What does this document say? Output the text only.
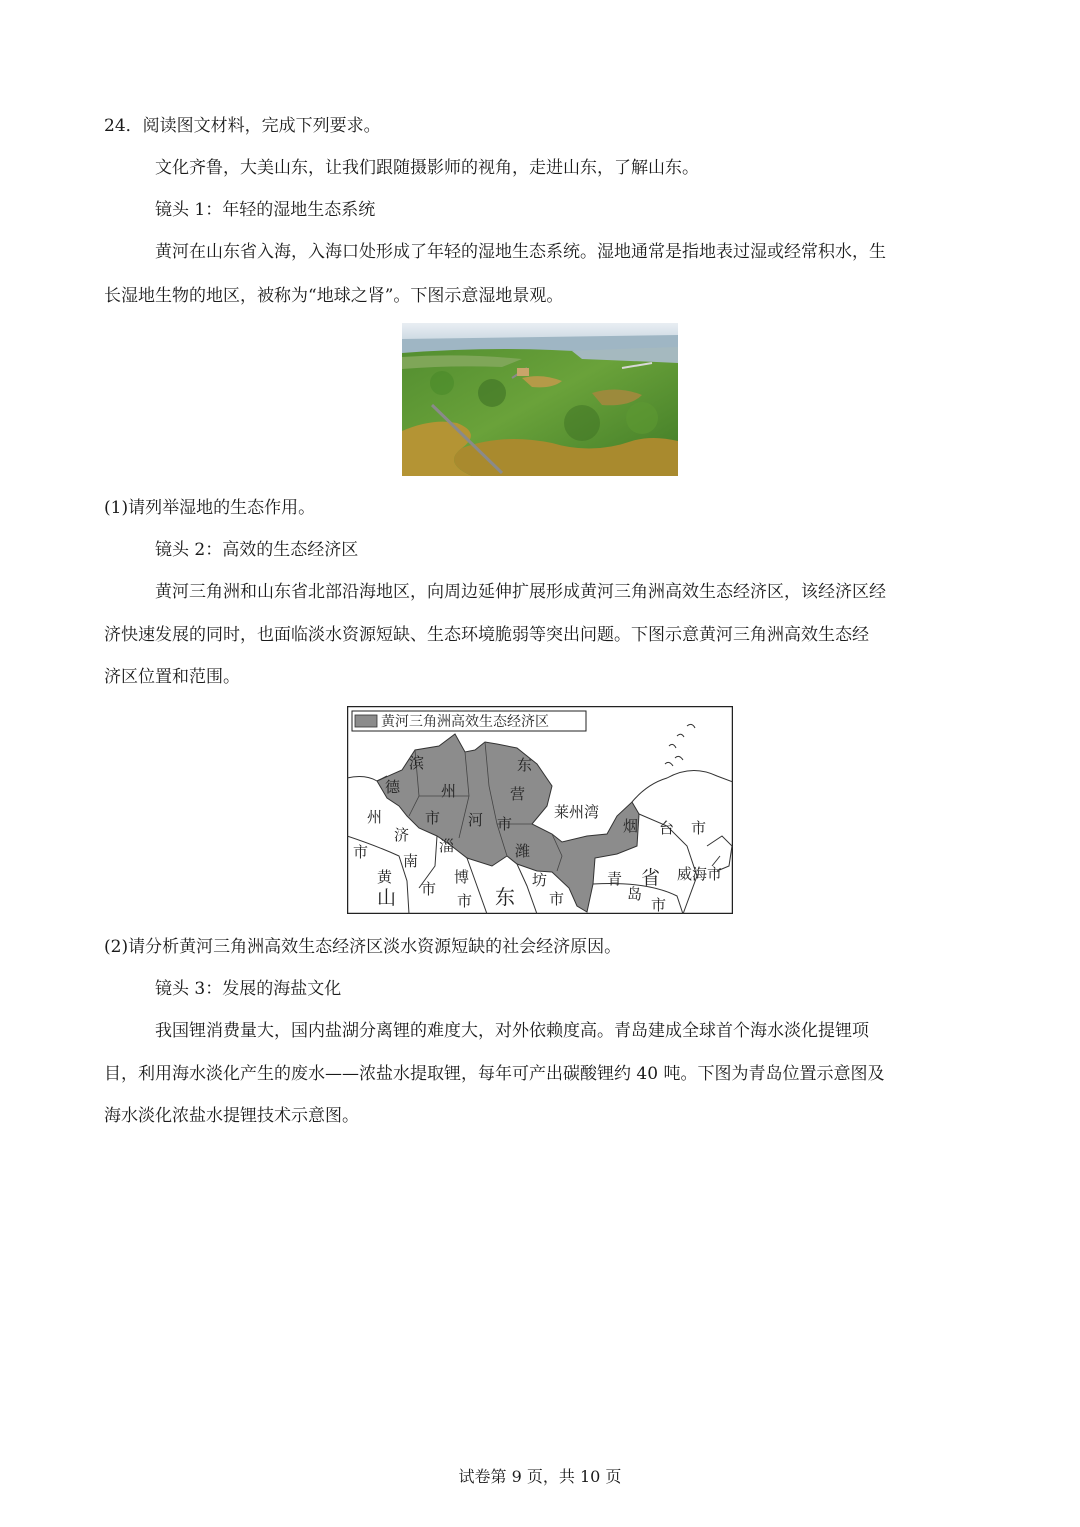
24．阅读图文材料，完成下列要求。
文化齐鲁，大美山东，让我们跟随摄影师的视角，走进山东，了解山东。
镜头 1：年轻的湿地生态系统
黄河在山东省入海，入海口处形成了年轻的湿地生态系统。湿地通常是指地表过湿或经常积水，生
长湿地生物的地区，被称为“地球之肾”。下图示意湿地景观。
(1)请列举湿地的生态作用。
镜头 2：高效的生态经济区
黄河三角洲和山东省北部沿海地区，向周边延伸扩展形成黄河三角洲高效生态经济区，该经济区经
济快速发展的同时，也面临淡水资源短缺、生态环境脆弱等突出问题。下图示意黄河三角洲高效生态经
济区位置和范围。
黄河三角洲高效生态经济区
德
州
市
滨
州
市
东
营
市
济
南
市
淄
河
潍
坊
市
莱州湾
烟 台 市
黄
山
博
市 东
青
岛
市
省 威海市
(2)请分析黄河三角洲高效生态经济区淡水资源短缺的社会经济原因。
镜头 3：发展的海盐文化
我国锂消费量大，国内盐湖分离锂的难度大，对外依赖度高。青岛建成全球首个海水淡化提锂项
目，利用海水淡化产生的废水——浓盐水提取锂，每年可产出碳酸锂约 40 吨。下图为青岛位置示意图及
海水淡化浓盐水提锂技术示意图。
试卷第 9 页，共 10 页
